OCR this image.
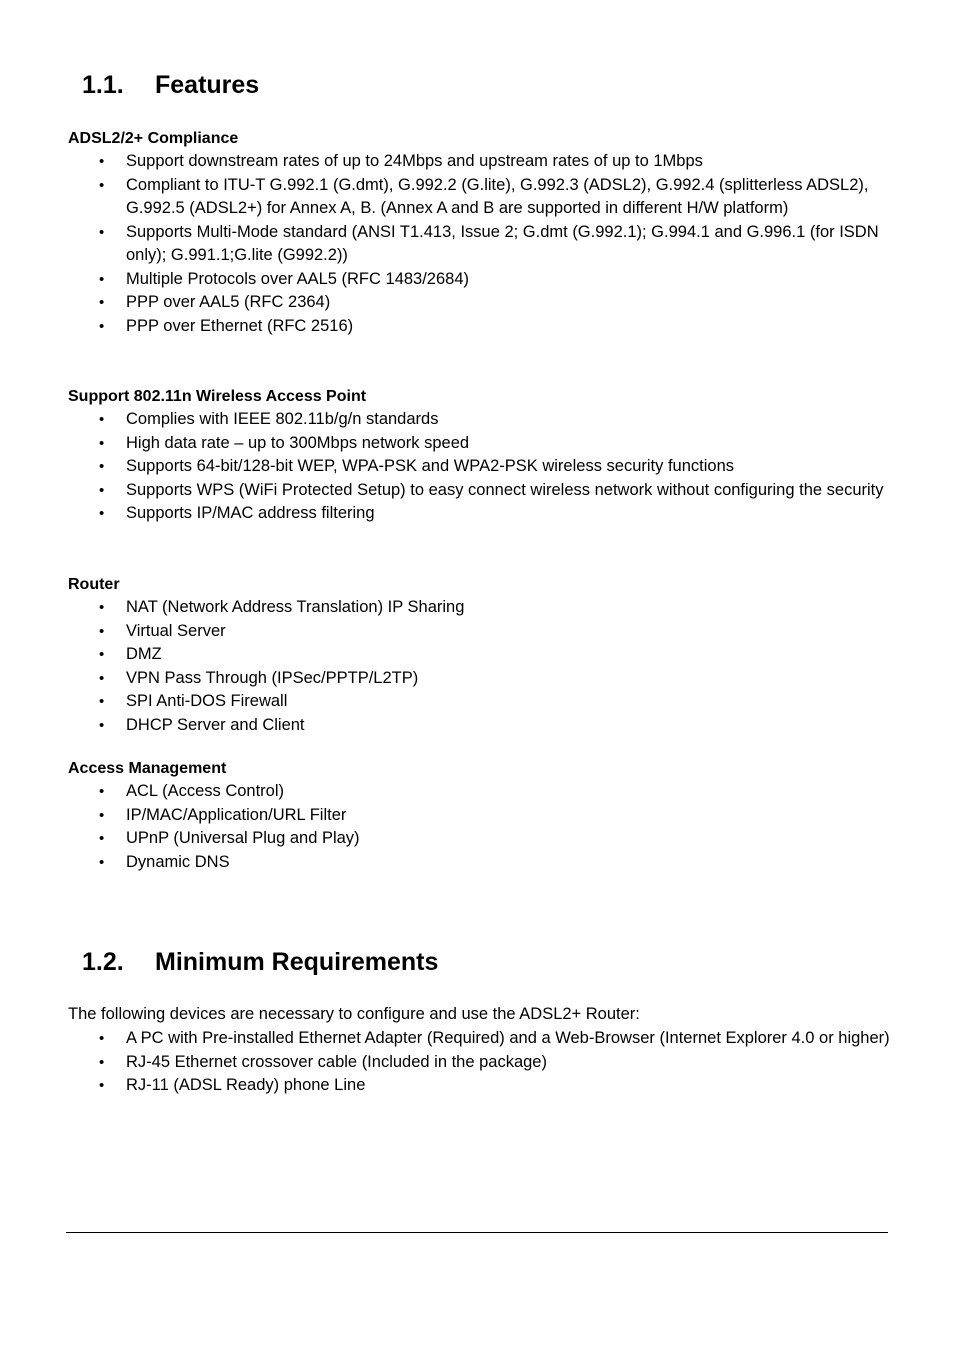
1.1. Features
ADSL2/2+ Compliance
• Support downstream rates of up to 24Mbps and upstream rates of up to 1Mbps
• Compliant to ITU-T G.992.1 (G.dmt), G.992.2 (G.lite), G.992.3 (ADSL2), G.992.4 (splitterless ADSL2), G.992.5 (ADSL2+) for Annex A, B. (Annex A and B are supported in different H/W platform)
• Supports Multi-Mode standard (ANSI T1.413, Issue 2; G.dmt (G.992.1); G.994.1 and G.996.1 (for ISDN only); G.991.1;G.lite (G992.2))
• Multiple Protocols over AAL5 (RFC 1483/2684)
• PPP over AAL5 (RFC 2364)
• PPP over Ethernet (RFC 2516)
Support 802.11n Wireless Access Point
• Complies with IEEE 802.11b/g/n standards
• High data rate – up to 300Mbps network speed
• Supports 64-bit/128-bit WEP, WPA-PSK and WPA2-PSK wireless security functions
• Supports WPS (WiFi Protected Setup) to easy connect wireless network without configuring the security
• Supports IP/MAC address filtering
Router
• NAT (Network Address Translation) IP Sharing
• Virtual Server
• DMZ
• VPN Pass Through (IPSec/PPTP/L2TP)
• SPI Anti-DOS Firewall
• DHCP Server and Client
Access Management
• ACL (Access Control)
• IP/MAC/Application/URL Filter
• UPnP (Universal Plug and Play)
• Dynamic DNS
1.2. Minimum Requirements
The following devices are necessary to configure and use the ADSL2+ Router:
• A PC with Pre-installed Ethernet Adapter (Required) and a Web-Browser (Internet Explorer 4.0 or higher)
• RJ-45 Ethernet crossover cable (Included in the package)
• RJ-11 (ADSL Ready) phone Line
